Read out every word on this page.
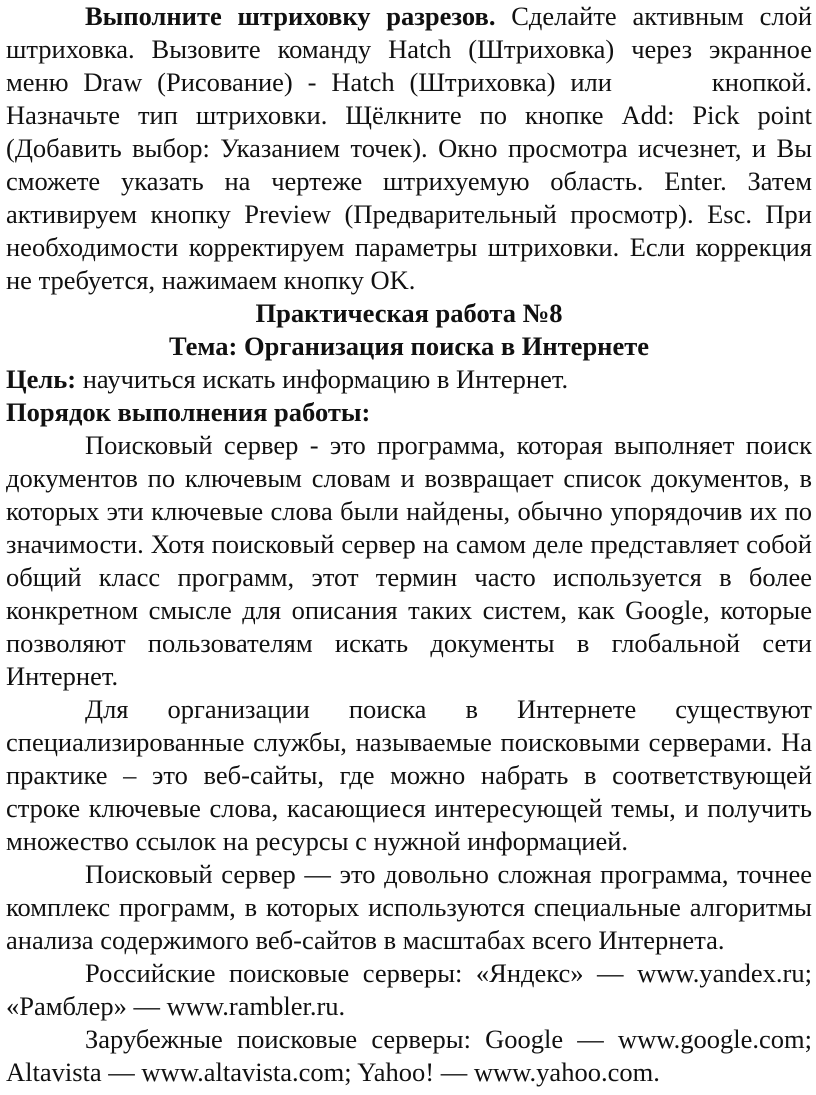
Выполните штриховку разрезов. Сделайте активным слой штриховка. Вызовите команду Hatch (Штриховка) через экранное меню Draw (Рисование) - Hatch (Штриховка) или	кнопкой. Назначьте тип штриховки. Щёлкните по кнопке Add: Pick point (Добавить выбор: Указанием точек). Окно просмотра исчезнет, и Вы сможете указать на чертеже штрихуемую область. Enter. Затем активируем кнопку Preview (Предварительный просмотр). Esc. При необходимости корректируем параметры штриховки. Если коррекция не требуется, нажимаем кнопку OK.

Практическая работа №8

Тема: Организация поиска в Интернете

Цель: научиться искать информацию в Интернет.

Порядок выполнения работы:

Поисковый сервер - это программа, которая выполняет поиск документов по ключевым словам и возвращает список документов, в которых эти ключевые слова были найдены, обычно упорядочив их по значимости. Хотя поисковый сервер на самом деле представляет собой общий класс программ, этот термин часто используется в более конкретном смысле для описания таких систем, как Google, которые позволяют пользователям искать документы в глобальной сети Интернет.

Для организации поиска в Интернете существуют специализированные службы, называемые поисковыми серверами. На практике – это веб-сайты, где можно набрать в соответствующей строке ключевые слова, касающиеся интересующей темы, и получить множество ссылок на ресурсы с нужной информацией.

Поисковый сервер — это довольно сложная программа, точнее комплекс программ, в которых используются специальные алгоритмы анализа содержимого веб-сайтов в масштабах всего Интернета.

Российские поисковые серверы: «Яндекс» — www.yandex.ru; «Рамблер» — www.rambler.ru.

Зарубежные поисковые серверы: Google — www.google.com; Altavista — www.altavista.com; Yahoo! — www.yahoo.com.
